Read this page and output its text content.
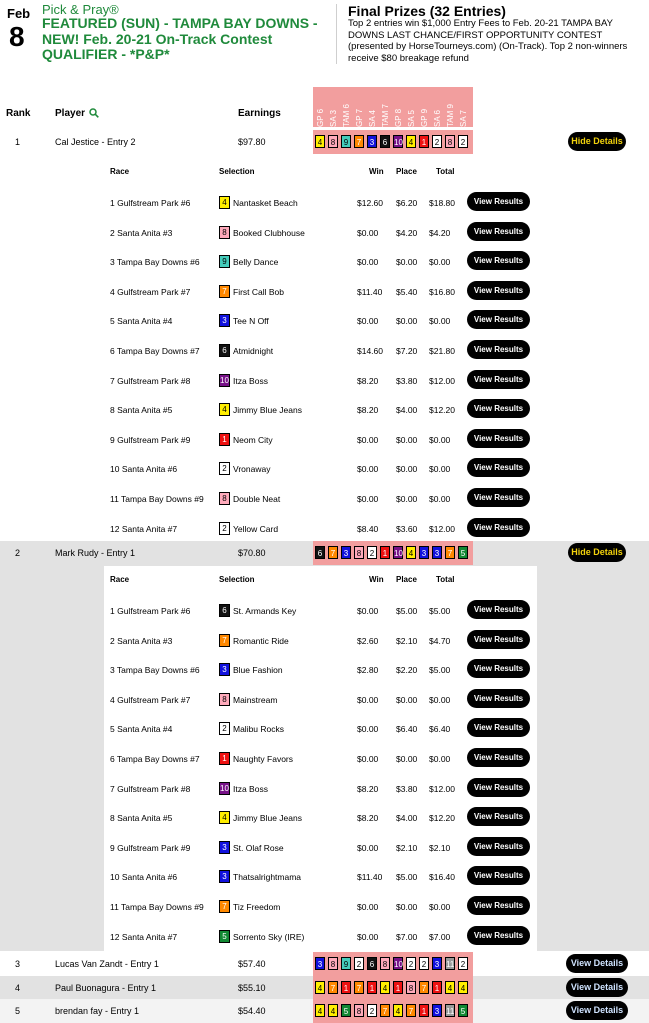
Feb
8
Pick & Pray®
FEATURED (SUN) - TAMPA BAY DOWNS - NEW! Feb. 20-21 On-Track Contest QUALIFIER - *P&P*
Final Prizes (32 Entries)
Top 2 entries win $1,000 Entry Fees to Feb. 20-21 TAMPA BAY DOWNS LAST CHANCE/FIRST OPPORTUNITY CONTEST (presented by HorseTourneys.com) (On-Track). Top 2 non-winners receive $80 breakage refund
Rank Player	Earnings	GP 6 SA 3 TAM 6 GP 7 SA 4 TAM 7 GP 8 SA 5 GP 9 SA 6 TAM 9 SA 7
1	Cal Jestice - Entry 2	$97.80	4	8	9	7	3	6 10 4	1	2	8	2	Hide Details
Race	Selection	Win Place Total
1 Gulfstream Park #6	4 Nantasket Beach	$12.60 $6.20 $18.80	View Results
2 Santa Anita #3	8 Booked Clubhouse	$0.00 $4.20 $4.20	View Results
3 Tampa Bay Downs #6	9 Belly Dance	$0.00 $0.00 $0.00	View Results
4 Gulfstream Park #7	7 First Call Bob	$11.40 $5.40 $16.80	View Results
5 Santa Anita #4	3 Tee N Off	$0.00 $0.00 $0.00	View Results
6 Tampa Bay Downs #7	6 Atmidnight	$14.60 $7.20 $21.80	View Results
7 Gulfstream Park #8	10 Itza Boss	$8.20 $3.80 $12.00	View Results
8 Santa Anita #5	4 Jimmy Blue Jeans	$8.20 $4.00 $12.20	View Results
9 Gulfstream Park #9	1 Neom City	$0.00 $0.00 $0.00	View Results
10 Santa Anita #6	2 Vronaway	$0.00 $0.00 $0.00	View Results
11 Tampa Bay Downs #9	8 Double Neat	$0.00 $0.00 $0.00	View Results
12 Santa Anita #7	2 Yellow Card	$8.40 $3.60 $12.00	View Results
2	Mark Rudy - Entry 1	$70.80	6	7	3	8	2	1 10 4	3	3	7	5	Hide Details
Race	Selection	Win Place Total
1 Gulfstream Park #6	6 St. Armands Key	$0.00 $5.00 $5.00	View Results
2 Santa Anita #3	7 Romantic Ride	$2.60 $2.10 $4.70	View Results
3 Tampa Bay Downs #6	3 Blue Fashion	$2.80 $2.20 $5.00	View Results
4 Gulfstream Park #7	8 Mainstream	$0.00 $0.00 $0.00	View Results
5 Santa Anita #4	2 Malibu Rocks	$0.00 $6.40 $6.40	View Results
6 Tampa Bay Downs #7	1 Naughty Favors	$0.00 $0.00 $0.00	View Results
7 Gulfstream Park #8	10 Itza Boss	$8.20 $3.80 $12.00	View Results
8 Santa Anita #5	4 Jimmy Blue Jeans	$8.20 $4.00 $12.20	View Results
9 Gulfstream Park #9	3 St. Olaf Rose	$0.00 $2.10 $2.10	View Results
10 Santa Anita #6	3 Thatsalrightmama	$11.40 $5.00 $16.40	View Results
11 Tampa Bay Downs #9	7 Tiz Freedom	$0.00 $0.00 $0.00	View Results
12 Santa Anita #7	5 Sorrento Sky (IRE)	$0.00 $7.00 $7.00	View Results
3	Lucas Van Zandt - Entry 1	$57.40	3	8	9	2	6	8 10 2	2	3 11 2	View Details
4	Paul Buonagura - Entry 1	$55.10	4	7	1	7	1	4	1	8	7	1	4	4	View Details
5	brendan fay - Entry 1	$54.40	4	4	5	8	2	7	4	7	1	3 11 5	View Details
